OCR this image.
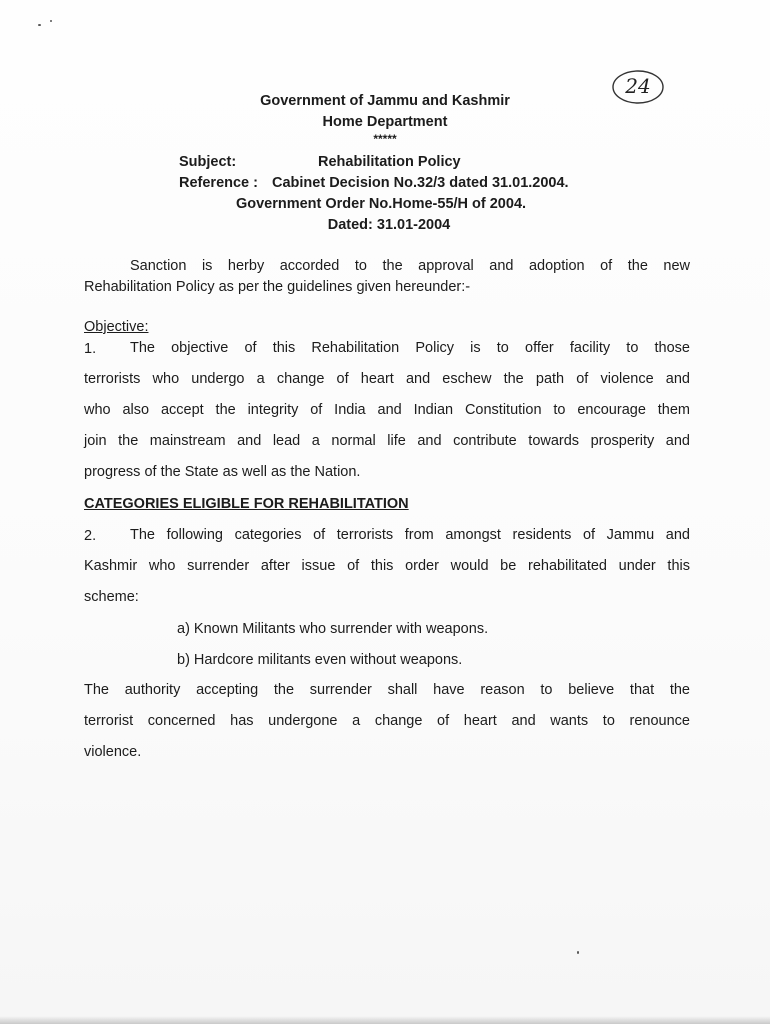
24
Government of Jammu and Kashmir
Home Department
*****
Subject:	Rehabilitation Policy
Reference : Cabinet Decision No.32/3 dated 31.01.2004.
Government Order No.Home-55/H of 2004.
Dated: 31.01-2004
Sanction is herby accorded to the approval and adoption of the new
Rehabilitation Policy as per the guidelines given hereunder:-
Objective:
1.	The objective of this Rehabilitation Policy is to offer facility to those
terrorists who undergo a change of heart and eschew the path of violence and
who also accept the integrity of India and Indian Constitution to encourage them
join the mainstream and lead a normal life and contribute towards prosperity and
progress of the State as well as the Nation.
CATEGORIES ELIGIBLE FOR REHABILITATION
2.	The following categories of terrorists from amongst residents of Jammu and
Kashmir who surrender after issue of this order would be rehabilitated under this
scheme:
a) Known Militants who surrender with weapons.
b) Hardcore militants even without weapons.
The authority accepting the surrender shall have reason to believe that the
terrorist concerned has undergone a change of heart and wants to renounce
violence.
